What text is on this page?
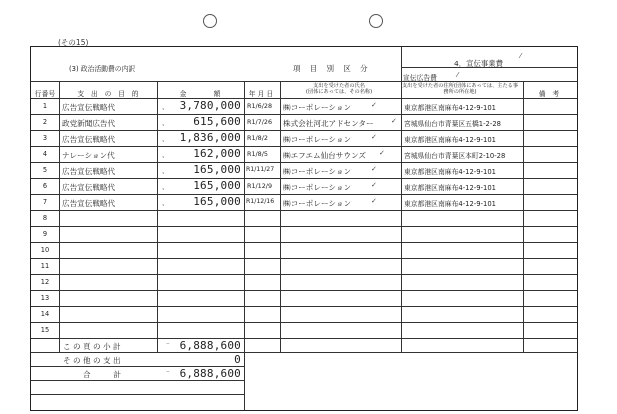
(その15)
(3) 政治活動費の内訳	項　目　別　区　分
4．宣伝事業費
宣伝広告費	⁄
⁄
行番号	支　出　の　目　的	金　　　　額	年 月 日
支出を受けた者の氏名
(団体にあっては、その名称)
支出を受けた者の住所(団体にあっては、主たる事務所の所在地)	備　考
1	広告宣伝戦略代	3,780,000 R1/6/28 ㈱コーポレーション	東京都港区南麻布4-12-9-101
2	政党新聞広告代	615,600 R1/7/26 株式会社河北アドセンター	宮城県仙台市青葉区五橋1-2-28
3	広告宣伝戦略代	1,836,000 R1/8/2 ㈱コーポレーション	東京都港区南麻布4-12-9-101
4	ナレーション代	162,000 R1/8/5 ㈱エフエム仙台サウンズ	宮城県仙台市青葉区本町2-10-28
5	広告宣伝戦略代	165,000 R1/11/27 ㈱コーポレーション	東京都港区南麻布4-12-9-101
6	広告宣伝戦略代	165,000 R1/12/9 ㈱コーポレーション	東京都港区南麻布4-12-9-101
7	広告宣伝戦略代	165,000 R1/12/16 ㈱コーポレーション	東京都港区南麻布4-12-9-101
8
9
10
11
12
13
14
15
、
、
、
、
、
、
、
✓
✓
✓
✓
✓
✓
✓
こ の 頁 の 小 計	6,888,600
そ の 他 の 支 出	0
合　　　計	6,888,600
⁻
⁻
